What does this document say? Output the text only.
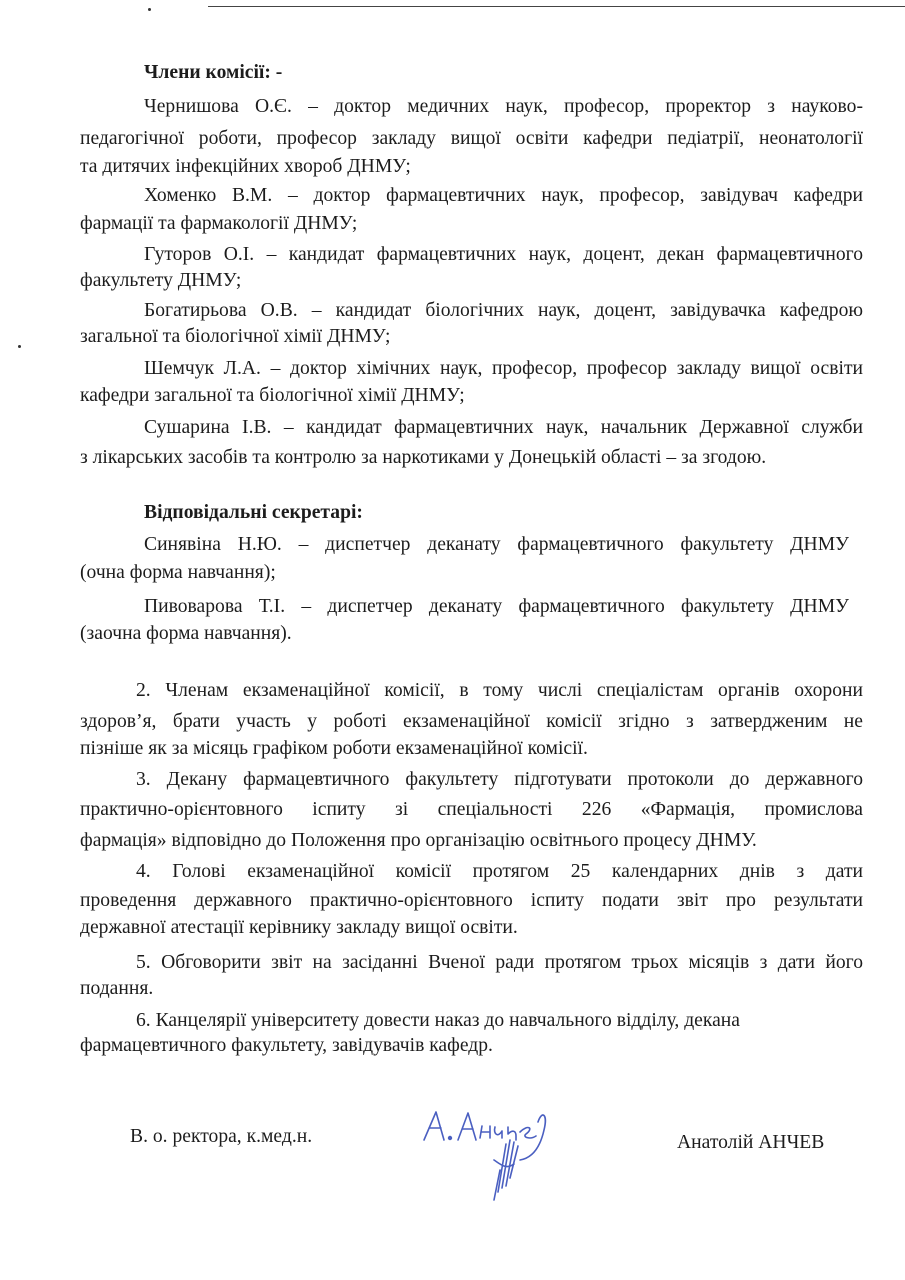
Члени комісії: -
Чернишова О.Є. – доктор медичних наук, професор, проректор з науково-
педагогічної роботи, професор закладу вищої освіти кафедри педіатрії, неонатології
та дитячих інфекційних хвороб ДНМУ;
Хоменко В.М. – доктор фармацевтичних наук, професор, завідувач кафедри
фармації та фармакології ДНМУ;
Гуторов О.І. – кандидат фармацевтичних наук, доцент, декан фармацевтичного
факультету ДНМУ;
Богатирьова О.В. – кандидат біологічних наук, доцент, завідувачка кафедрою
загальної та біологічної хімії ДНМУ;
Шемчук Л.А. – доктор хімічних наук, професор, професор закладу вищої освіти
кафедри загальної та біологічної хімії ДНМУ;
Сушарина І.В. – кандидат фармацевтичних наук, начальник Державної служби
з лікарських засобів та контролю за наркотиками у Донецькій області – за згодою.
Відповідальні секретарі:
Синявіна Н.Ю. – диспетчер деканату фармацевтичного факультету ДНМУ
(очна форма навчання);
Пивоварова Т.І. – диспетчер деканату фармацевтичного факультету ДНМУ
(заочна форма навчання).
2. Членам екзаменаційної комісії, в тому числі спеціалістам органів охорони
здоров’я, брати участь у роботі екзаменаційної комісії згідно з затвердженим не
пізніше як за місяць графіком роботи екзаменаційної комісії.
3. Декану фармацевтичного факультету підготувати протоколи до державного
практично-орієнтовного іспиту зі спеціальності 226 «Фармація, промислова
фармація» відповідно до Положення про організацію освітнього процесу ДНМУ.
4. Голові екзаменаційної комісії протягом 25 календарних днів з дати
проведення державного практично-орієнтовного іспиту подати звіт про результати
державної атестації керівнику закладу вищої освіти.
5. Обговорити звіт на засіданні Вченої ради протягом трьох місяців з дати його
подання.
6. Канцелярії університету довести наказ до навчального відділу, декана
фармацевтичного факультету, завідувачів кафедр.
В. о. ректора, к.мед.н.	Анатолій АНЧЕВ
